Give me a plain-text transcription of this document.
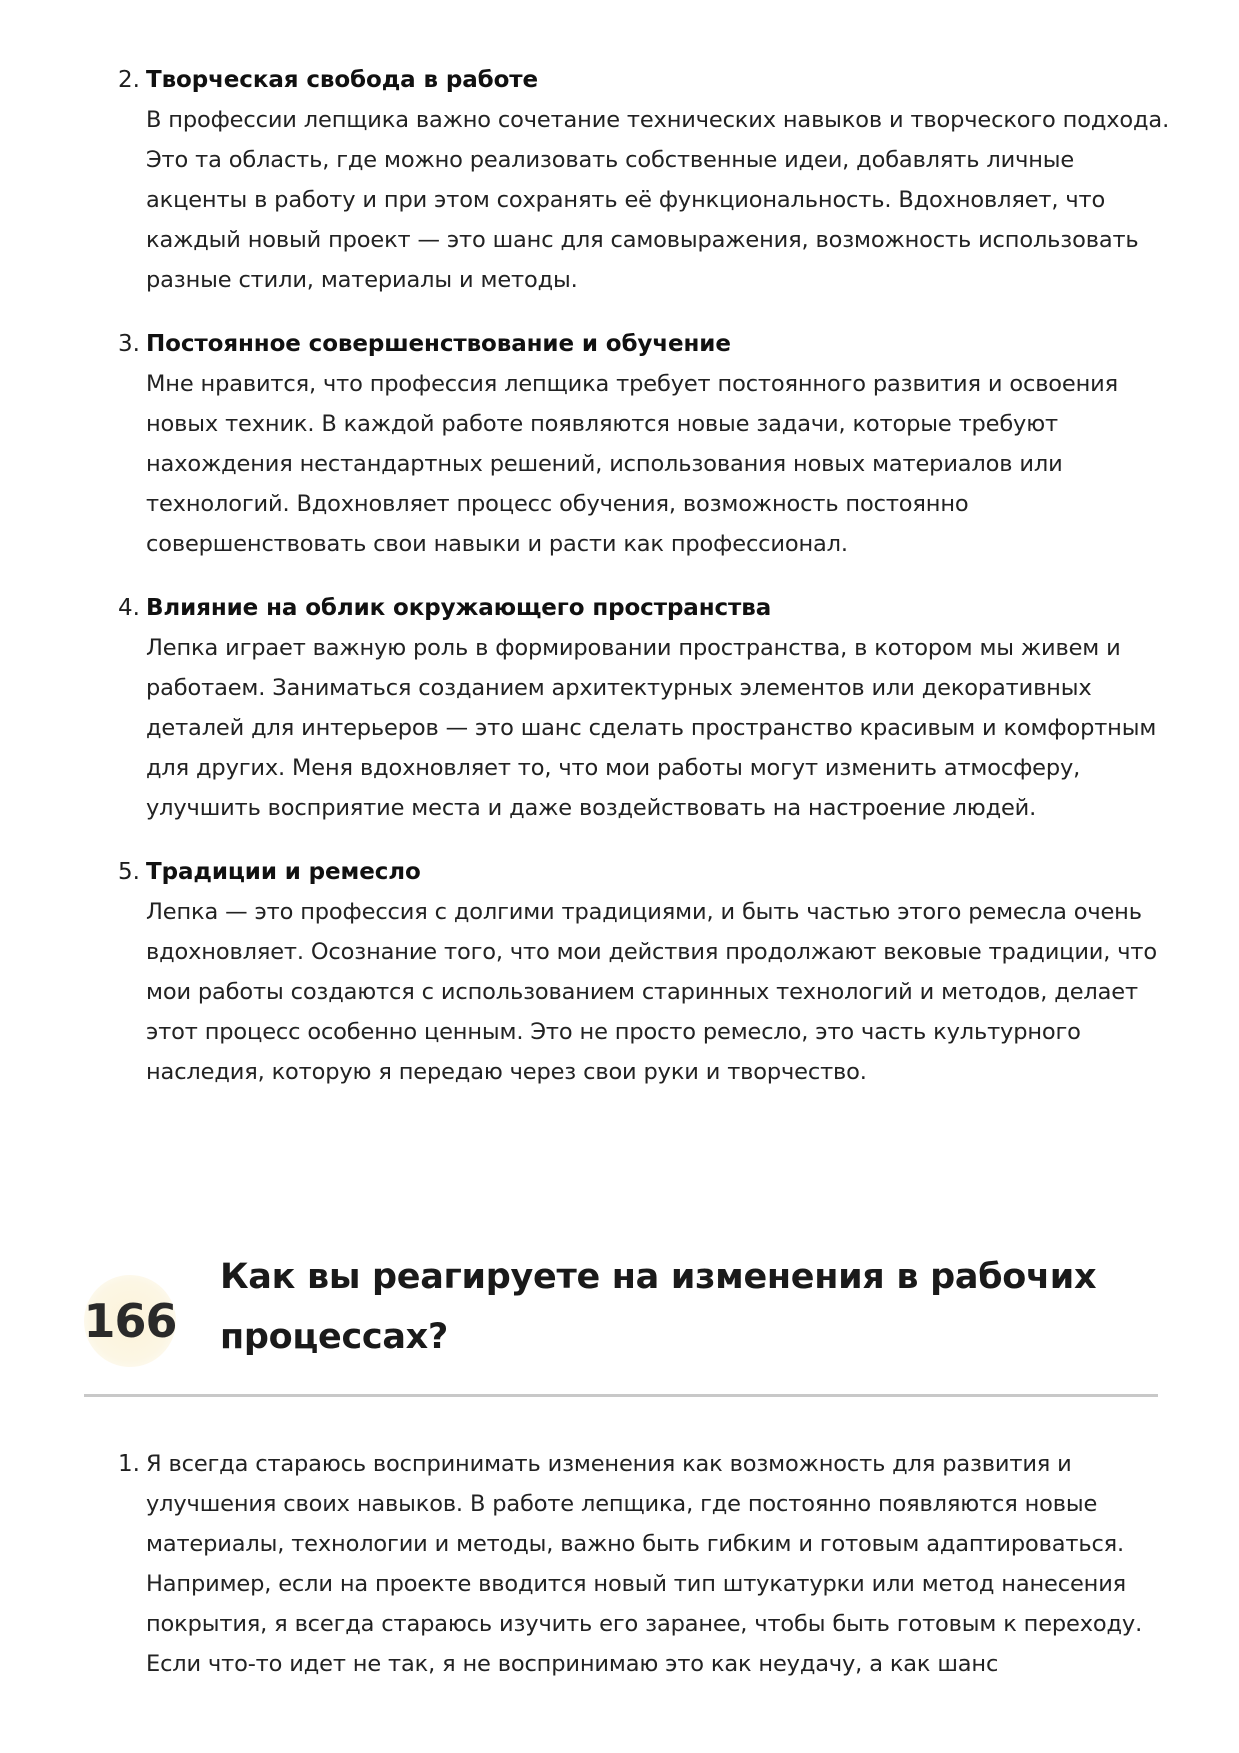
2. Творческая свобода в работе
В профессии лепщика важно сочетание технических навыков и творческого подхода. Это та область, где можно реализовать собственные идеи, добавлять личные акценты в работу и при этом сохранять её функциональность. Вдохновляет, что каждый новый проект — это шанс для самовыражения, возможность использовать разные стили, материалы и методы.
3. Постоянное совершенствование и обучение
Мне нравится, что профессия лепщика требует постоянного развития и освоения новых техник. В каждой работе появляются новые задачи, которые требуют нахождения нестандартных решений, использования новых материалов или технологий. Вдохновляет процесс обучения, возможность постоянно совершенствовать свои навыки и расти как профессионал.
4. Влияние на облик окружающего пространства
Лепка играет важную роль в формировании пространства, в котором мы живем и работаем. Заниматься созданием архитектурных элементов или декоративных деталей для интерьеров — это шанс сделать пространство красивым и комфортным для других. Меня вдохновляет то, что мои работы могут изменить атмосферу, улучшить восприятие места и даже воздействовать на настроение людей.
5. Традиции и ремесло
Лепка — это профессия с долгими традициями, и быть частью этого ремесла очень вдохновляет. Осознание того, что мои действия продолжают вековые традиции, что мои работы создаются с использованием старинных технологий и методов, делает этот процесс особенно ценным. Это не просто ремесло, это часть культурного наследия, которую я передаю через свои руки и творчество.
166
Как вы реагируете на изменения в рабочих процессах?
1. Я всегда стараюсь воспринимать изменения как возможность для развития и улучшения своих навыков. В работе лепщика, где постоянно появляются новые материалы, технологии и методы, важно быть гибким и готовым адаптироваться. Например, если на проекте вводится новый тип штукатурки или метод нанесения покрытия, я всегда стараюсь изучить его заранее, чтобы быть готовым к переходу. Если что-то идет не так, я не воспринимаю это как неудачу, а как шанс
